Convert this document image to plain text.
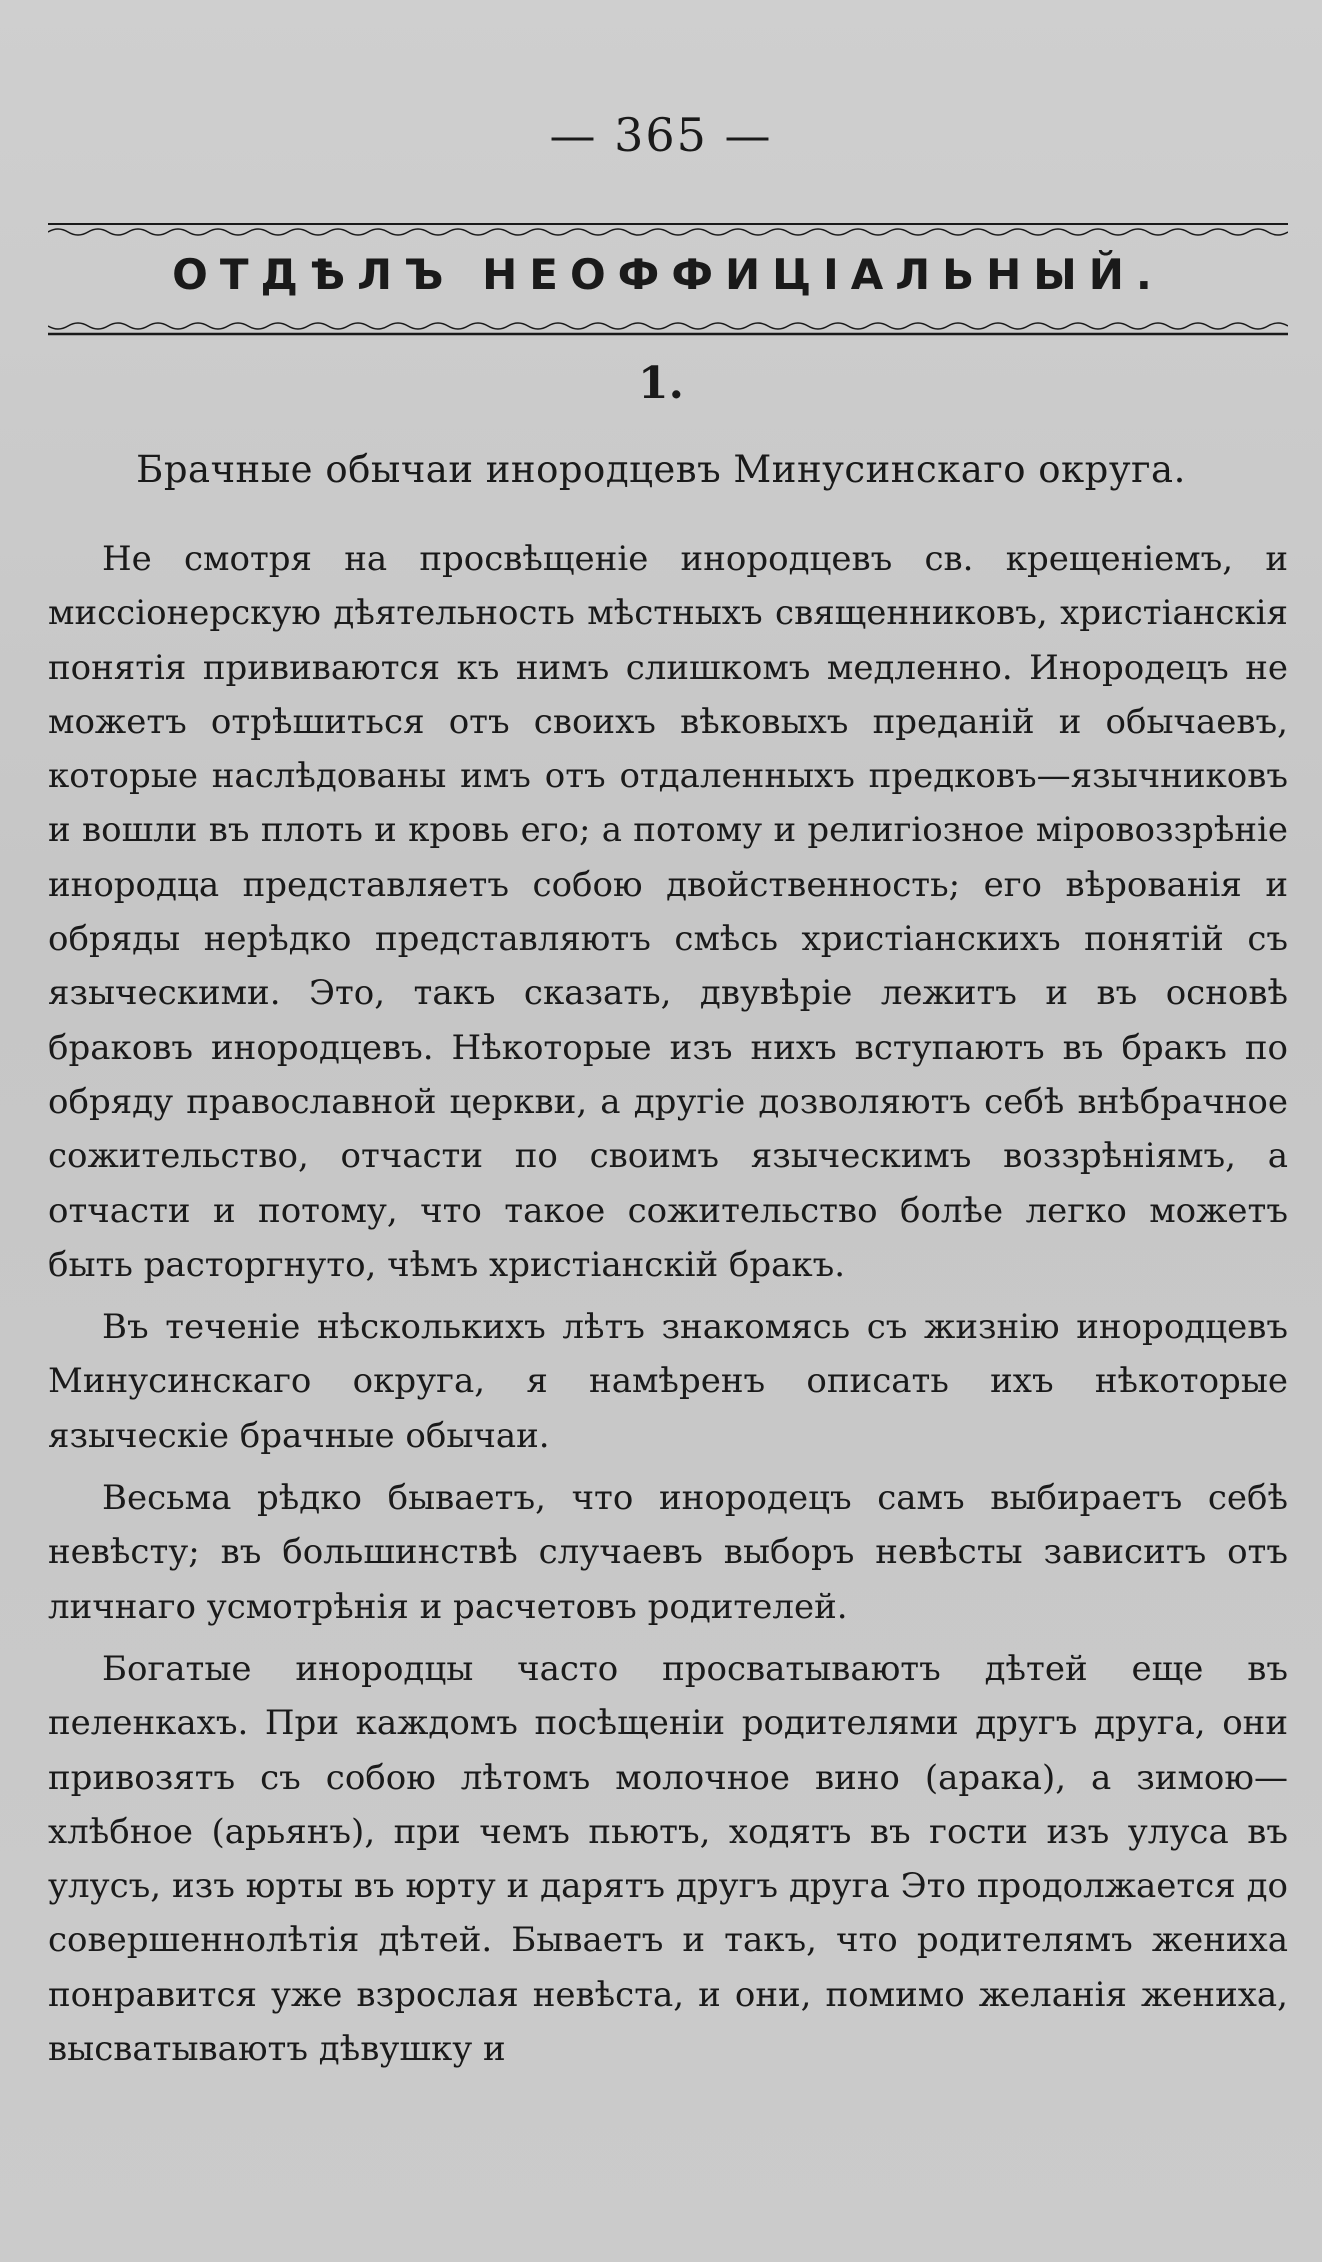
— 365 —
ОТДѢЛЪ НЕОФФИЦІАЛЬНЫЙ.
1.
Брачные обычаи инородцевъ Минусинскаго округа.

Не смотря на просвѣщеніе инородцевъ св. крещеніемъ, и миссіонерскую дѣятельность мѣстныхъ священниковъ, христіанскія понятія прививаются къ нимъ слишкомъ медленно. Инородецъ не можетъ отрѣшиться отъ своихъ вѣковыхъ преданій и обычаевъ, которые наслѣдованы имъ отъ отдаленныхъ предковъ—язычниковъ и вошли въ плоть и кровь его; а потому и религіозное міровоззрѣніе инородца представляетъ собою двойственность; его вѣрованія и обряды нерѣдко представляютъ смѣсь христіанскихъ понятій съ языческими. Это, такъ сказать, двувѣріе лежитъ и въ основѣ браковъ инородцевъ. Нѣкоторые изъ нихъ вступаютъ въ бракъ по обряду православной церкви, а другіе дозволяютъ себѣ внѣбрачное сожительство, отчасти по своимъ языческимъ воззрѣніямъ, а отчасти и потому, что такое сожительство болѣе легко можетъ быть расторгнуто, чѣмъ христіанскій бракъ.

Въ теченіе нѣсколькихъ лѣтъ знакомясь съ жизнію инородцевъ Минусинскаго округа, я намѣренъ описать ихъ нѣкоторые языческіе брачные обычаи.

Весьма рѣдко бываетъ, что инородецъ самъ выбираетъ себѣ невѣсту; въ большинствѣ случаевъ выборъ невѣсты зависитъ отъ личнаго усмотрѣнія и расчетовъ родителей.

Богатые инородцы часто просватываютъ дѣтей еще въ пеленкахъ. При каждомъ посѣщеніи родителями другъ друга, они привозятъ съ собою лѣтомъ молочное вино (арака), а зимою—хлѣбное (арьянъ), при чемъ пьютъ, ходятъ въ гости изъ улуса въ улусъ, изъ юрты въ юрту и дарятъ другъ друга Это продолжается до совершеннолѣтія дѣтей. Бываетъ и такъ, что родителямъ жениха понравится уже взрослая невѣста, и они, помимо желанія жениха, высватываютъ дѣвушку и
